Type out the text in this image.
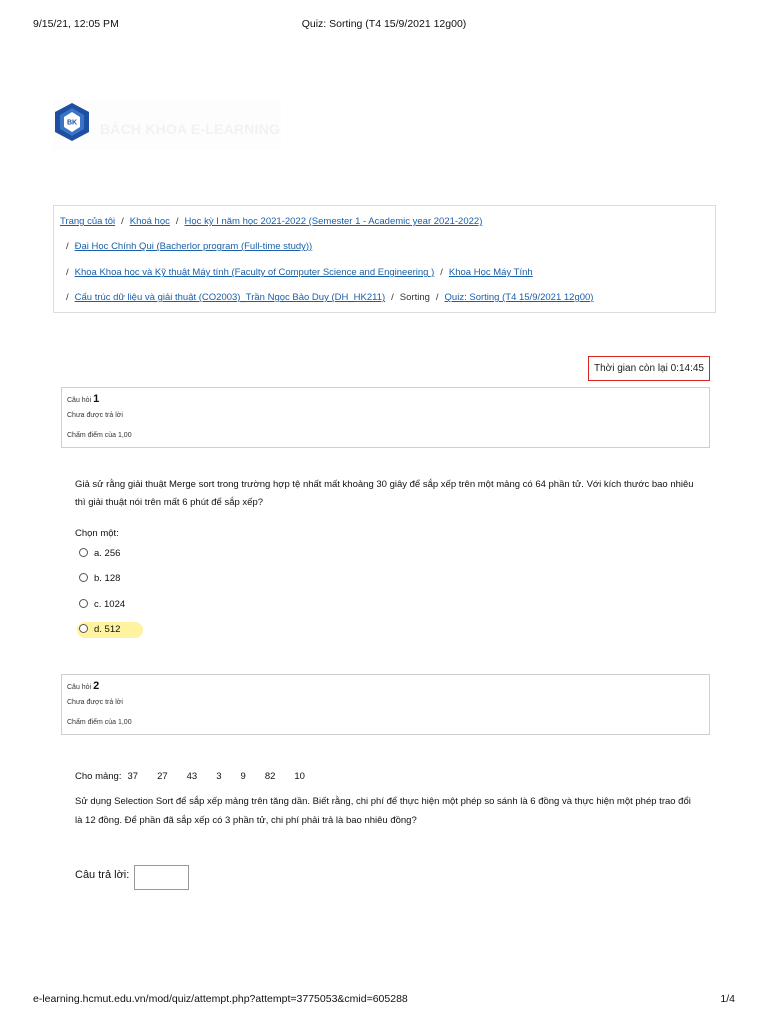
9/15/21, 12:05 PM	Quiz: Sorting (T4 15/9/2021 12g00)
BK BÁCH KHOA E-LEARNING
Trang của tôi / Khoá học / Học kỳ I năm học 2021-2022 (Semester 1 - Academic year 2021-2022)
/ Đại Học Chính Qui (Bacherlor program (Full-time study))
/ Khoa Khoa học và Kỹ thuật Máy tính (Faculty of Computer Science and Engineering ) / Khoa Học Máy Tính
/ Cấu trúc dữ liệu và giải thuật (CO2003)_Trần Ngọc Bảo Duy (DH_HK211) / Sorting / Quiz: Sorting (T4 15/9/2021 12g00)
Thời gian còn lại 0:14:45
Câu hỏi 1
Chưa được trả lời
Chấm điểm của 1,00
Giả sử rằng giải thuật Merge sort trong trường hợp tệ nhất mất khoảng 30 giây để sắp xếp trên một mảng có 64 phần tử. Với kích thước bao nhiêu thì giải thuật nói trên mất 6 phút để sắp xếp?
Chọn một:
a. 256
b. 128
c. 1024
d. 512
Câu hỏi 2
Chưa được trả lời
Chấm điểm của 1,00
Cho mảng: 37 27 43 3 9 82 10
Sử dụng Selection Sort để sắp xếp mảng trên tăng dần. Biết rằng, chi phí để thực hiện một phép so sánh là 6 đồng và thực hiện một phép trao đổi là 12 đồng. Để phần đã sắp xếp có 3 phần tử, chi phí phải trả là bao nhiêu đồng?
Câu trả lời:
e-learning.hcmut.edu.vn/mod/quiz/attempt.php?attempt=3775053&cmid=605288	1/4
